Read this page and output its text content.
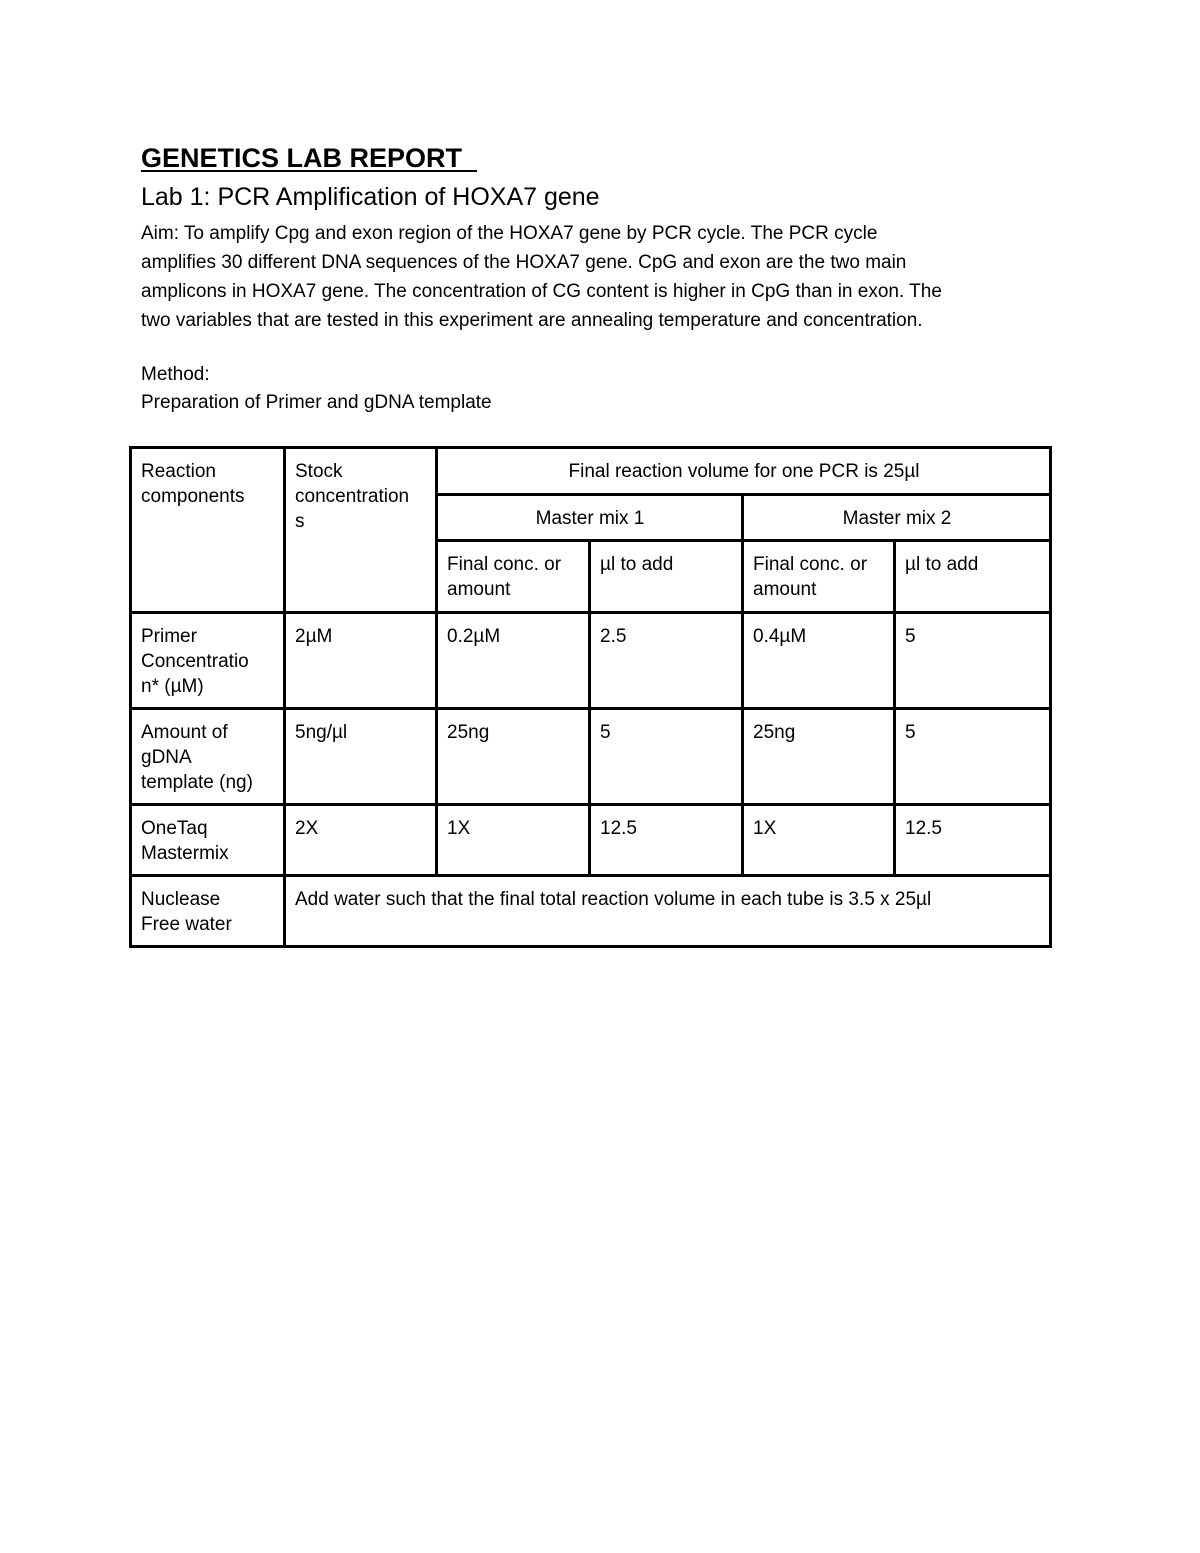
GENETICS LAB REPORT
Lab 1: PCR Amplification of HOXA7 gene

Aim: To amplify Cpg and exon region of the HOXA7 gene by PCR cycle. The PCR cycle
amplifies 30 different DNA sequences of the HOXA7 gene. CpG and exon are the two main
amplicons in HOXA7 gene. The concentration of CG content is higher in CpG than in exon. The
two variables that are tested in this experiment are annealing temperature and concentration.

Method:

Preparation of Primer and gDNA template

Reaction components	Stock
concentration
s	Final reaction volume for one PCR is 25µl			
		Master mix 1		Master mix 2	
		Final conc. or amount	µl to add	Final conc. or amount	µl to add

Primer
Concentratio
n* (µM)	2µM	0.2µM	2.5	0.4µM	5

Amount of
gDNA
template (ng)	5ng/µl	25ng	5	25ng	5

OneTaq
Mastermix	2X	1X	12.5	1X	12.5

Nuclease
Free water	Add water such that the final total reaction volume in each tube is 3.5 x 25µl				
